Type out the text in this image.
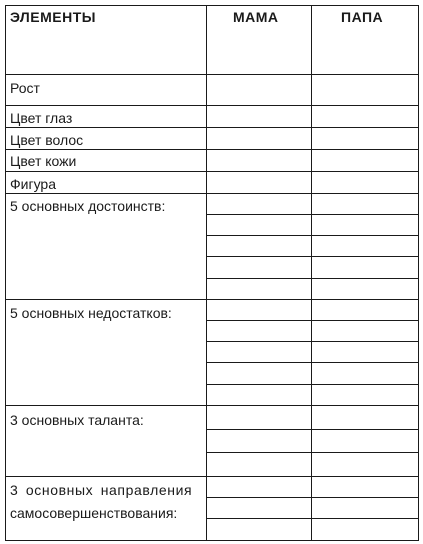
ЭЛЕМЕНТЫ	МАМА	ПАПА
Рост
Цвет глаз
Цвет волос
Цвет кожи
Фигура
5 основных достоинств:
5 основных недостатков:
3 основных таланта:
3 основных направления
самосовершенствования:
